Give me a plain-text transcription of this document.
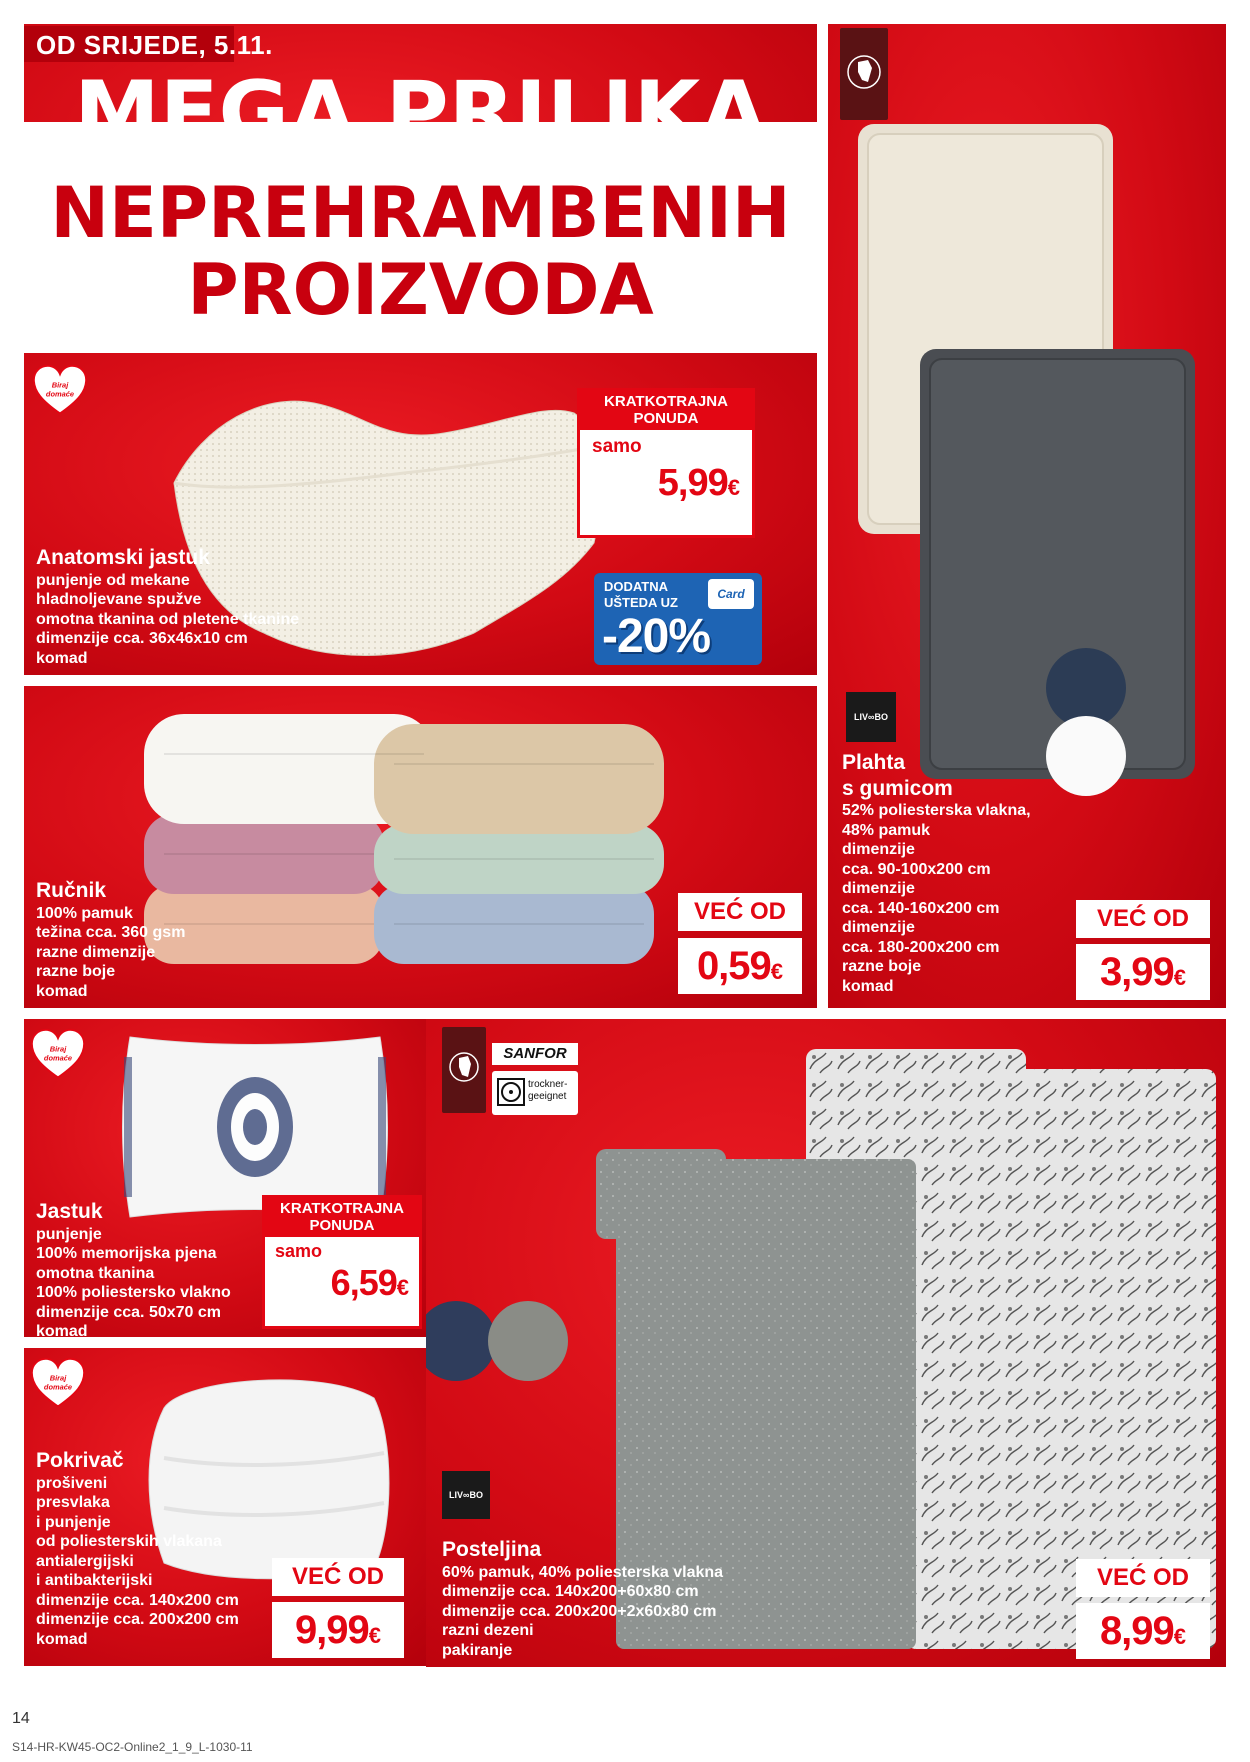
OD SRIJEDE, 5.11.
MEGA PRILIKA
NEPREHRAMBENIH
PROIZVODA
Biraj
domaće	KRATKOTRAJNA
PONUDA
samo
5,99€
DODATNA
UŠTEDA UZ
Card
-20%
Anatomski jastuk
punjenje od mekane
hladnoljevane spužve
omotna tkanina od pletene tkanine
dimenzije cca. 36x46x10 cm
komad
Ručnik
100% pamuk
težina cca. 360 gsm
razne dimenzije
razne boje
komad
VEĆ OD
0,59€
LIV∞BO
Plahta
s gumicom
52% poliesterska vlakna,
48% pamuk
dimenzije
cca. 90-100x200 cm
dimenzije
cca. 140-160x200 cm
dimenzije
cca. 180-200x200 cm
razne boje
komad
VEĆ OD
3,99€
Biraj
domaće
Jastuk
punjenje
100% memorijska pjena
omotna tkanina
100% poliestersko vlakno
dimenzije cca. 50x70 cm
komad
KRATKOTRAJNA
PONUDA
samo
6,59€
Biraj
domaće
Pokrivač
prošiveni
presvlaka
i punjenje
od poliesterskih vlakana
antialergijski
i antibakterijski
dimenzije cca. 140x200 cm
dimenzije cca. 200x200 cm
komad
VEĆ OD
9,99€
SANFOR
trockner-geeignet
LIV∞BO
Posteljina
60% pamuk, 40% poliesterska vlakna
dimenzije cca. 140x200+60x80 cm
dimenzije cca. 200x200+2x60x80 cm
razni dezeni
pakiranje
VEĆ OD
8,99€
14
S14-HR-KW45-OC2-Online2_1_9_L-1030-11
